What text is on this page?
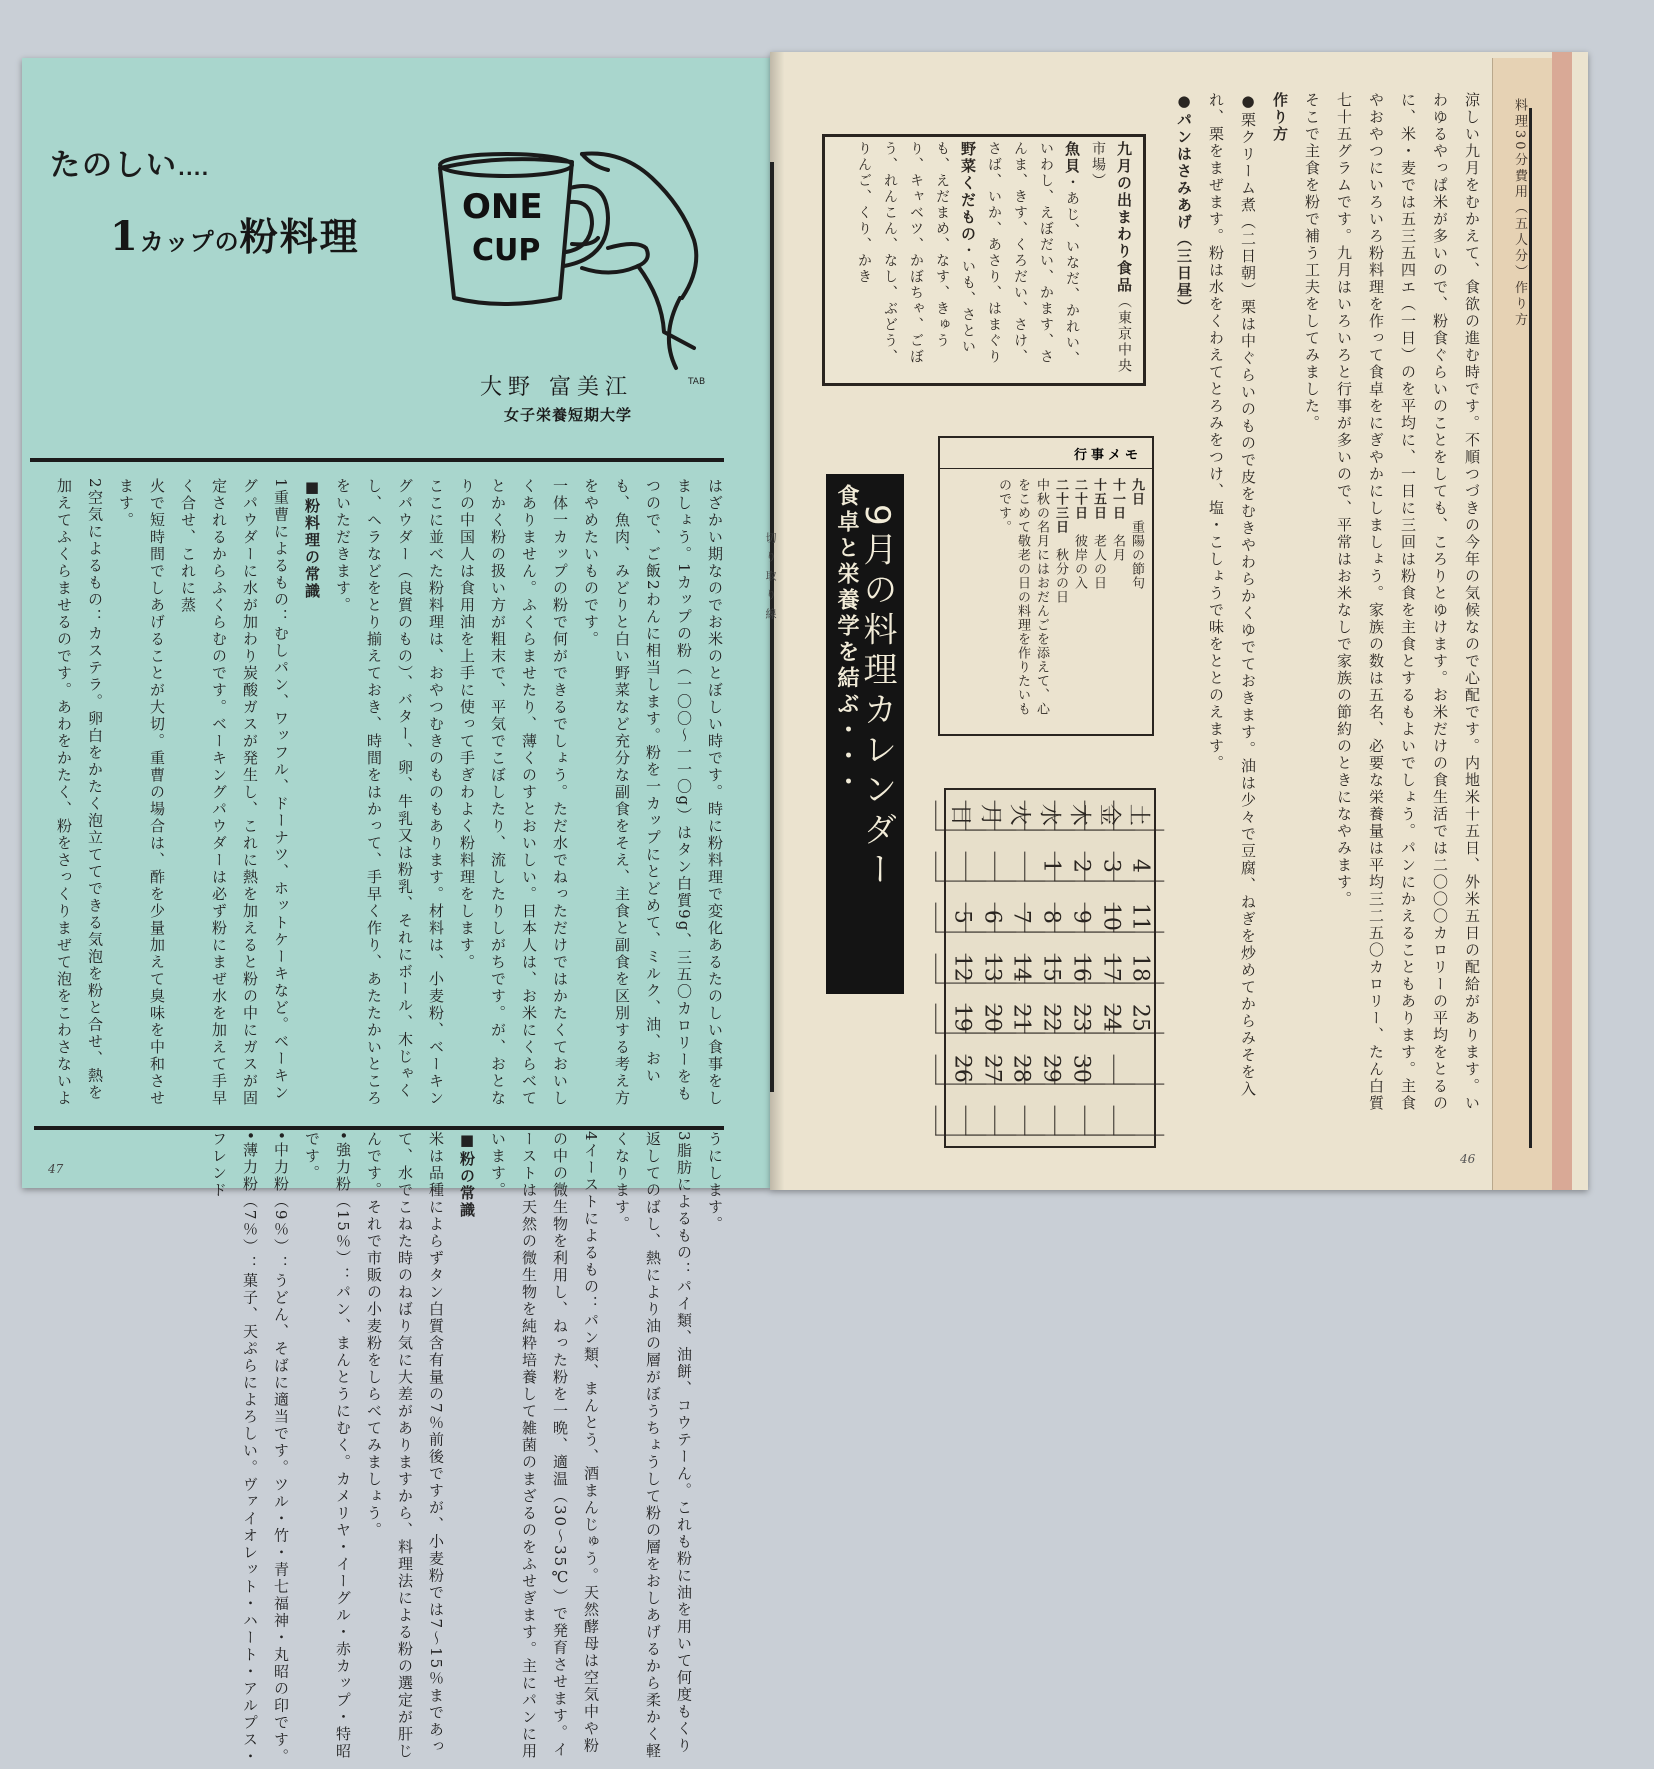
たのしい....
1カップの粉料理
ONE
CUP
TAB
大野 富美江
女子栄養短期大学

はざかい期なのでお米のとぼしい時です。時に粉料理で変化あるたのしい食事をしましょう。1カップの粉（一〇〇～一一〇g）はタン白質9g、三五〇カロリーをもつので、ご飯2わんに相当します。粉を一カップにとどめて、ミルク、油、おいも、魚肉、みどりと白い野菜など充分な副食をそえ、主食と副食を区別する考え方をやめたいものです。

一体一カップの粉で何ができるでしょう。ただ水でねっただけではかたくておいしくありません。ふくらませたり、薄くのすとおいしい。日本人は、お米にくらべてとかく粉の扱い方が粗末で、平気でこぼしたり、流したりしがちです。が、おとなりの中国人は食用油を上手に使って手ぎわよく粉料理をします。

ここに並べた粉料理は、おやつむきのものもあります。材料は、小麦粉、ベーキングパウダー（良質のもの）、バター、卵、牛乳又は粉乳、それにボール、木じゃくし、ヘラなどをとり揃えておき、時間をはかって、手早く作り、あたたかいところをいただきます。

■粉料理の常識

1重曹によるもの：むしパン、ワッフル、ドーナツ、ホットケーキなど。ベーキングパウダーに水が加わり炭酸ガスが発生し、これに熱を加えると粉の中にガスが固定されるからふくらむのです。ベーキングパウダーは必ず粉にまぜ水を加えて手早く合せ、これに蒸

火で短時間でしあげることが大切。重曹の場合は、酢を少量加えて臭味を中和させます。

2空気によるもの：カステラ。卵白をかたく泡立ててできる気泡を粉と合せ、熱を加えてふくらませるのです。あわをかたく、粉をさっくりまぜて泡をこわさないようにします。

3脂肪によるもの：パイ類、油餅、コウテーん。これも粉に油を用いて何度もくり返してのばし、熱により油の層がぼうちょうして粉の層をおしあげるから柔かく軽くなります。

4イーストによるもの：パン類、まんとう、酒まんじゅう。天然酵母は空気中や粉の中の微生物を利用し、ねった粉を一晩、適温（30～35℃）で発育させます。イーストは天然の微生物を純粋培養して雑菌のまざるのをふせぎます。主にパンに用います。

■粉の常識

米は品種によらずタン白質含有量の7％前後ですが、小麦粉では7～15％まであって、水でこねた時のねばり気に大差がありますから、料理法による粉の選定が肝じんです。それで市販の小麦粉をしらべてみましょう。

•強力粉（15％）：パン、まんとうにむく。カメリヤ・イーグル・赤カップ・特昭です。

•中力粉（9％）：うどん、そばに適当です。ツル・竹・青七福神・丸昭の印です。

•薄力粉（7％）：菓子、天ぷらによろしい。ヴァイオレット・ハート・アルプス・フレンド

47
切り取り線	涼しい九月をむかえて、食欲の進む時です。不順つづきの今年の気候なので心配です。内地米十五日、外米五日の配給があります。いわゆるやっぱ米が多いので、粉食ぐらいのことをしても、ころりとゆけます。お米だけの食生活では二〇〇〇カロリーの平均をとるのに、米・麦では五三五四エ（一日）のを平均に、一日に三回は粉食を主食とするもよいでしょう。パンにかえることもあります。主食やおやつにいろいろ粉料理を作って食卓をにぎやかにしましょう。家族の数は五名、必要な栄養量は平均三二五〇カロリー、たん白質七十五グラムです。九月はいろいろと行事が多いので、平常はお米なしで家族の節約のときになやみます。
そこで主食を粉で補う工夫をしてみました。
作り方
●栗クリーム煮（二日朝）栗は中ぐらいのもので皮をむきやわらかくゆでておきます。油は少々で豆腐、ねぎを炒めてからみそを入れ、栗をまぜます。粉は水をくわえてとろみをつけ、塩・こしょうで味をととのえます。
●パンはさみあげ（三日昼）
九月の出まわり食品（東京中央市場）
魚貝・あじ、いなだ、かれい、いわし、えぼだい、かます、さんま、きす、くろだい、さけ、さば、いか、あさり、はまぐり
野菜くだもの・いも、さといも、えだまめ、なす、きゅうり、キャベツ、かぼちゃ、ごぼう、れんこん、なし、ぶどう、りんご、くり、かき
行事メモ
九日　重陽の節句
十一日　名月
十五日　老人の日
二十日　彼岸の入
二十三日　秋分の日
中秋の名月にはおだんごを添えて、心をこめて敬老の日の料理を作りたいものです。
食卓と栄養学を結ぶ・・・
9月の料理カレンダー	日 月 火 水 木 金 土
1 2 3 4
5 6 7 8 9 10 11
12 13 14 15 16 17 18
19 20 21 22 23 24 25
26 27 28 29 30
46
料理30分費用（五人分）作り方
